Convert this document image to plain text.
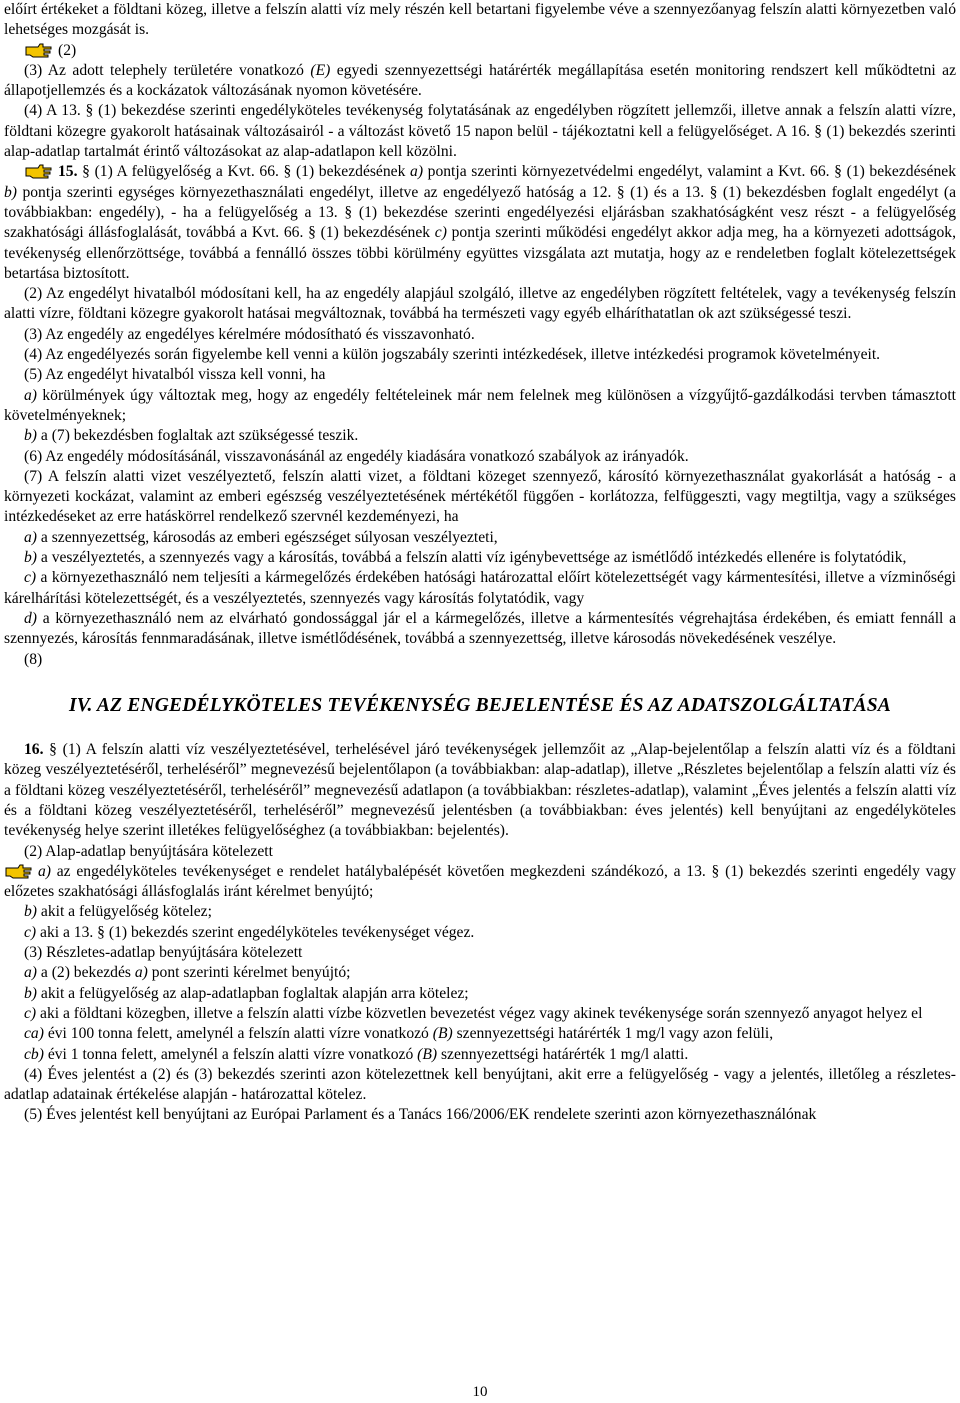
előírt értékeket a földtani közeg, illetve a felszín alatti víz mely részén kell betartani figyelembe véve a szennyezőanyag felszín alatti környezetben való lehetséges mozgását is.

(2)

(3) Az adott telephely területére vonatkozó (E) egyedi szennyezettségi határérték megállapítása esetén monitoring rendszert kell működtetni az állapotjellemzés és a kockázatok változásának nyomon követésére.

(4) A 13. § (1) bekezdése szerinti engedélyköteles tevékenység folytatásának az engedélyben rögzített jellemzői, illetve annak a felszín alatti vízre, földtani közegre gyakorolt hatásainak változásairól - a változást követő 15 napon belül - tájékoztatni kell a felügyelőséget. A 16. § (1) bekezdés szerinti alap-adatlap tartalmát érintő változásokat az alap-adatlapon kell közölni.

15. § (1) A felügyelőség a Kvt. 66. § (1) bekezdésének a) pontja szerinti környezetvédelmi engedélyt, valamint a Kvt. 66. § (1) bekezdésének b) pontja szerinti egységes környezethasználati engedélyt, illetve az engedélyező hatóság a 12. § (1) és a 13. § (1) bekezdésben foglalt engedélyt (a továbbiakban: engedély), - ha a felügyelőség a 13. § (1) bekezdése szerinti engedélyezési eljárásban szakhatóságként vesz részt - a felügyelőség szakhatósági állásfoglalását, továbbá a Kvt. 66. § (1) bekezdésének c) pontja szerinti működési engedélyt akkor adja meg, ha a környezeti adottságok, tevékenység ellenőrzöttsége, továbbá a fennálló összes többi körülmény együttes vizsgálata azt mutatja, hogy az e rendeletben foglalt kötelezettségek betartása biztosított.

(2) Az engedélyt hivatalból módosítani kell, ha az engedély alapjául szolgáló, illetve az engedélyben rögzített feltételek, vagy a tevékenység felszín alatti vízre, földtani közegre gyakorolt hatásai megváltoznak, továbbá ha természeti vagy egyéb elháríthatatlan ok azt szükségessé teszi.

(3) Az engedély az engedélyes kérelmére módosítható és visszavonható.

(4) Az engedélyezés során figyelembe kell venni a külön jogszabály szerinti intézkedések, illetve intézkedési programok követelményeit.

(5) Az engedélyt hivatalból vissza kell vonni, ha

a) körülmények úgy változtak meg, hogy az engedély feltételeinek már nem felelnek meg különösen a vízgyűjtő-gazdálkodási tervben támasztott követelményeknek;

b) a (7) bekezdésben foglaltak azt szükségessé teszik.

(6) Az engedély módosításánál, visszavonásánál az engedély kiadására vonatkozó szabályok az irányadók.

(7) A felszín alatti vizet veszélyeztető, felszín alatti vizet, a földtani közeget szennyező, károsító környezethasználat gyakorlását a hatóság - a környezeti kockázat, valamint az emberi egészség veszélyeztetésének mértékétől függően - korlátozza, felfüggeszti, vagy megtiltja, vagy a szükséges intézkedéseket az erre hatáskörrel rendelkező szervnél kezdeményezi, ha

a) a szennyezettség, károsodás az emberi egészséget súlyosan veszélyezteti,

b) a veszélyeztetés, a szennyezés vagy a károsítás, továbbá a felszín alatti víz igénybevettsége az ismétlődő intézkedés ellenére is folytatódik,

c) a környezethasználó nem teljesíti a kármegelőzés érdekében hatósági határozattal előírt kötelezettségét vagy kármentesítési, illetve a vízminőségi kárelhárítási kötelezettségét, és a veszélyeztetés, szennyezés vagy károsítás folytatódik, vagy

d) a környezethasználó nem az elvárható gondossággal jár el a kármegelőzés, illetve a kármentesítés végrehajtása érdekében, és emiatt fennáll a szennyezés, károsítás fennmaradásának, illetve ismétlődésének, továbbá a szennyezettség, illetve károsodás növekedésének veszélye.

(8)

IV. AZ ENGEDÉLYKÖTELES TEVÉKENYSÉG BEJELENTÉSE ÉS AZ ADATSZOLGÁLTATÁSA

16. § (1) A felszín alatti víz veszélyeztetésével, terhelésével járó tevékenységek jellemzőit az „Alap-bejelentőlap a felszín alatti víz és a földtani közeg veszélyeztetéséről, terheléséről” megnevezésű bejelentőlapon (a továbbiakban: alap-adatlap), illetve „Részletes bejelentőlap a felszín alatti víz és a földtani közeg veszélyeztetéséről, terheléséről” megnevezésű adatlapon (a továbbiakban: részletes-adatlap), valamint „Éves jelentés a felszín alatti víz és a földtani közeg veszélyeztetéséről, terheléséről” megnevezésű jelentésben (a továbbiakban: éves jelentés) kell benyújtani az engedélyköteles tevékenység helye szerint illetékes felügyelőséghez (a továbbiakban: bejelentés).

(2) Alap-adatlap benyújtására kötelezett

a) az engedélyköteles tevékenységet e rendelet hatálybalépését követően megkezdeni szándékozó, a 13. § (1) bekezdés szerinti engedély vagy előzetes szakhatósági állásfoglalás iránt kérelmet benyújtó;

b) akit a felügyelőség kötelez;

c) aki a 13. § (1) bekezdés szerint engedélyköteles tevékenységet végez.

(3) Részletes-adatlap benyújtására kötelezett

a) a (2) bekezdés a) pont szerinti kérelmet benyújtó;

b) akit a felügyelőség az alap-adatlapban foglaltak alapján arra kötelez;

c) aki a földtani közegben, illetve a felszín alatti vízbe közvetlen bevezetést végez vagy akinek tevékenysége során szennyező anyagot helyez el

ca) évi 100 tonna felett, amelynél a felszín alatti vízre vonatkozó (B) szennyezettségi határérték 1 mg/l vagy azon felüli,

cb) évi 1 tonna felett, amelynél a felszín alatti vízre vonatkozó (B) szennyezettségi határérték 1 mg/l alatti.

(4) Éves jelentést a (2) és (3) bekezdés szerinti azon kötelezettnek kell benyújtani, akit erre a felügyelőség - vagy a jelentés, illetőleg a részletes-adatlap adatainak értékelése alapján - határozattal kötelez.

(5) Éves jelentést kell benyújtani az Európai Parlament és a Tanács 166/2006/EK rendelete szerinti azon környezethasználónak

10
